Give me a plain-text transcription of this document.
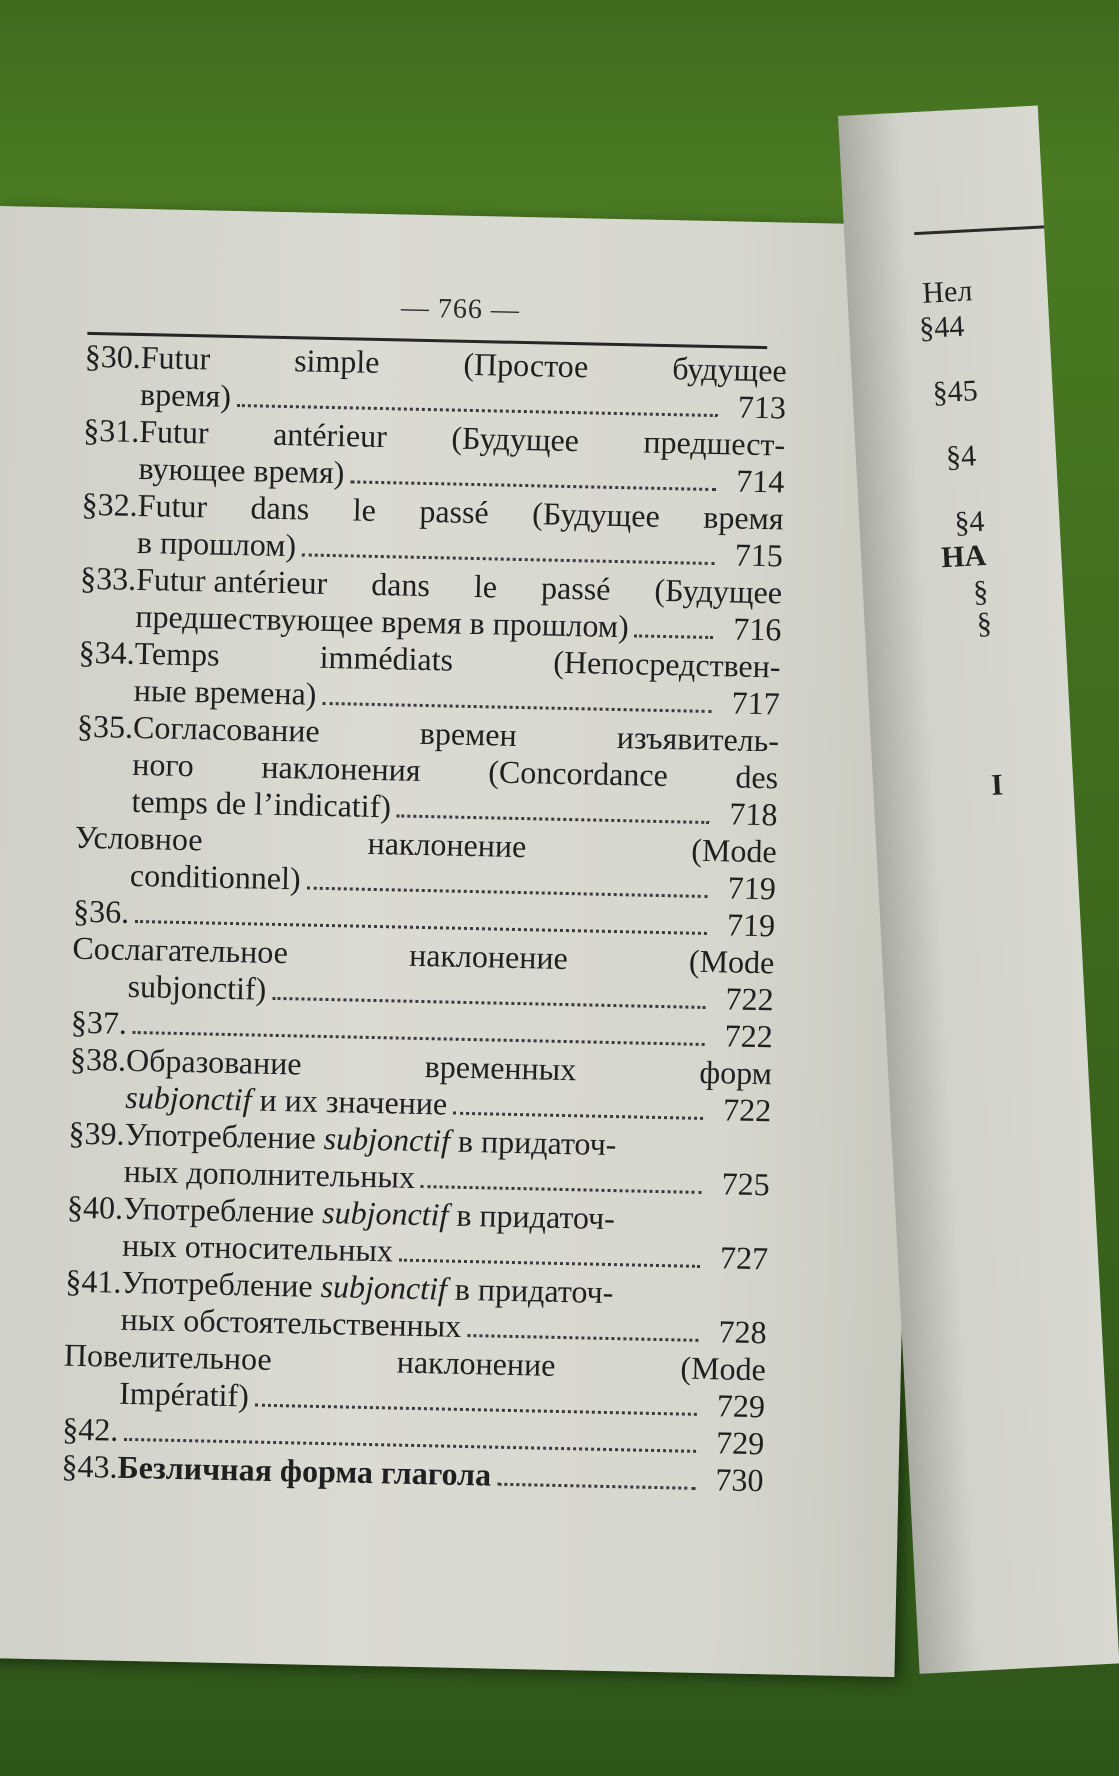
— 766 —
§30. Futur	simple	(Простое	будущее
время)	713
§31. Futur antérieur (Будущее предшест-
вующее время)	714
§32. Futur dans le passé (Будущее время
в прошлом)	715
§33. Futur antérieur dans le passé (Будущее
предшествующее время в прошлом)	716
§34. Temps	immédiats	(Непосредствен-
ные времена)	717
§35. Согласование	времен	изъявитель-
ного наклонения (Concordance des
temps de l’indicatif)	718
Условное	наклонение	(Mode
conditionnel)	719
§36.	719
Сослагательное	наклонение	(Mode
subjonctif)	722
§37.	722
§38. Образование	временных	форм
subjonctif и их значение	722
§39. Употребление subjonctif в придаточ-
ных дополнительных	725
§40. Употребление subjonctif в придаточ-
ных относительных	727
§41. Употребление subjonctif в придаточ-
ных обстоятельственных	728
Повелительное	наклонение	(Mode
Impératif)	729
§42.	729
§43. Безличная форма глагола	730
Нел
§44
§45
§4
§4
НА
§
§
I
